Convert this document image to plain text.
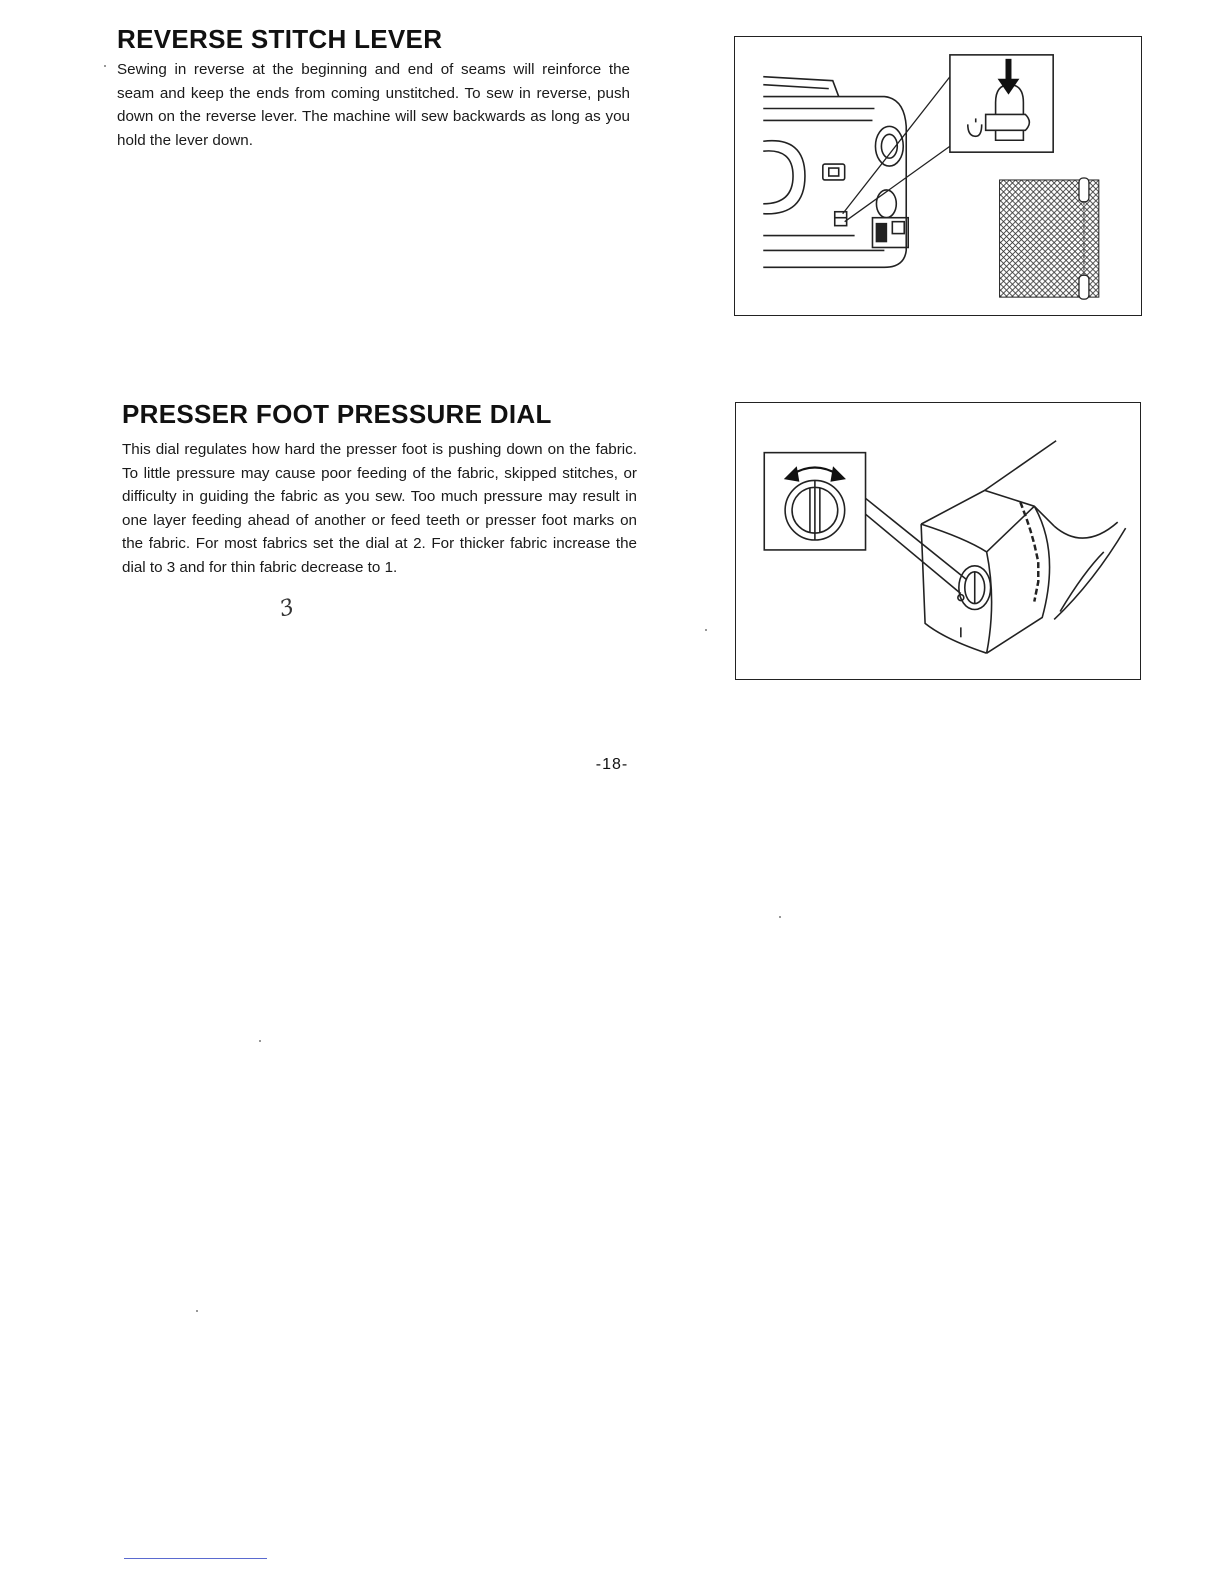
REVERSE STITCH LEVER

Sewing in reverse at the beginning and end of seams will reinforce the seam and keep the ends from coming unstitched. To sew in reverse, push down on the reverse lever. The machine will sew backwards as long as you hold the lever down.

PRESSER FOOT PRESSURE DIAL

This dial regulates how hard the presser foot is pushing down on the fabric. To little pressure may cause poor feeding of the fabric, skipped stitches, or difficulty in guiding the fabric as you sew. Too much pressure may result in one layer feeding ahead of another or feed teeth or presser foot marks on the fabric. For most fabrics set the dial at 2. For thicker fabric increase the dial to 3 and for thin fabric decrease to 1.

3
-18-
